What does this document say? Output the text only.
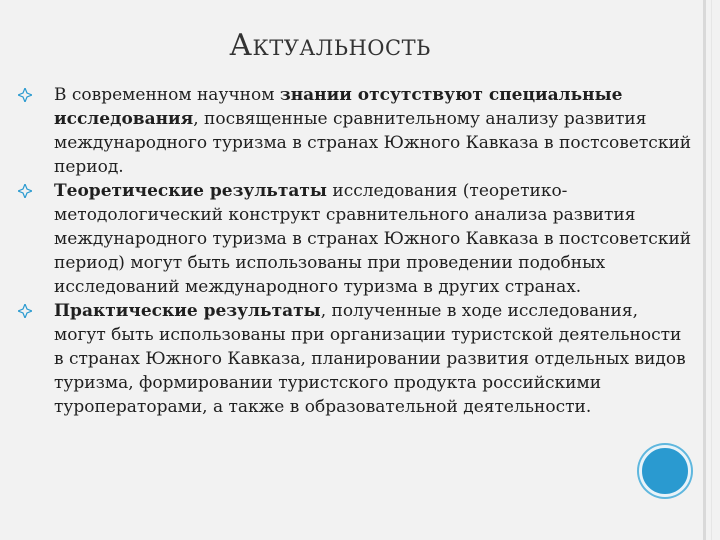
Актуальность
В современном научном знании отсутствуют специальные исследования, посвященные сравнительному анализу развития международного туризма в странах Южного Кавказа в постсоветский период.
Теоретические результаты исследования (теоретико-методологический конструкт сравнительного анализа развития международного туризма в странах Южного Кавказа в постсоветский период) могут быть использованы при проведении подобных исследований международного туризма в других странах.
Практические результаты, полученные в ходе исследования, могут быть использованы при организации туристской деятельности в странах Южного Кавказа, планировании развития отдельных видов туризма, формировании туристского продукта российскими туроператорами, а также в образовательной деятельности.
